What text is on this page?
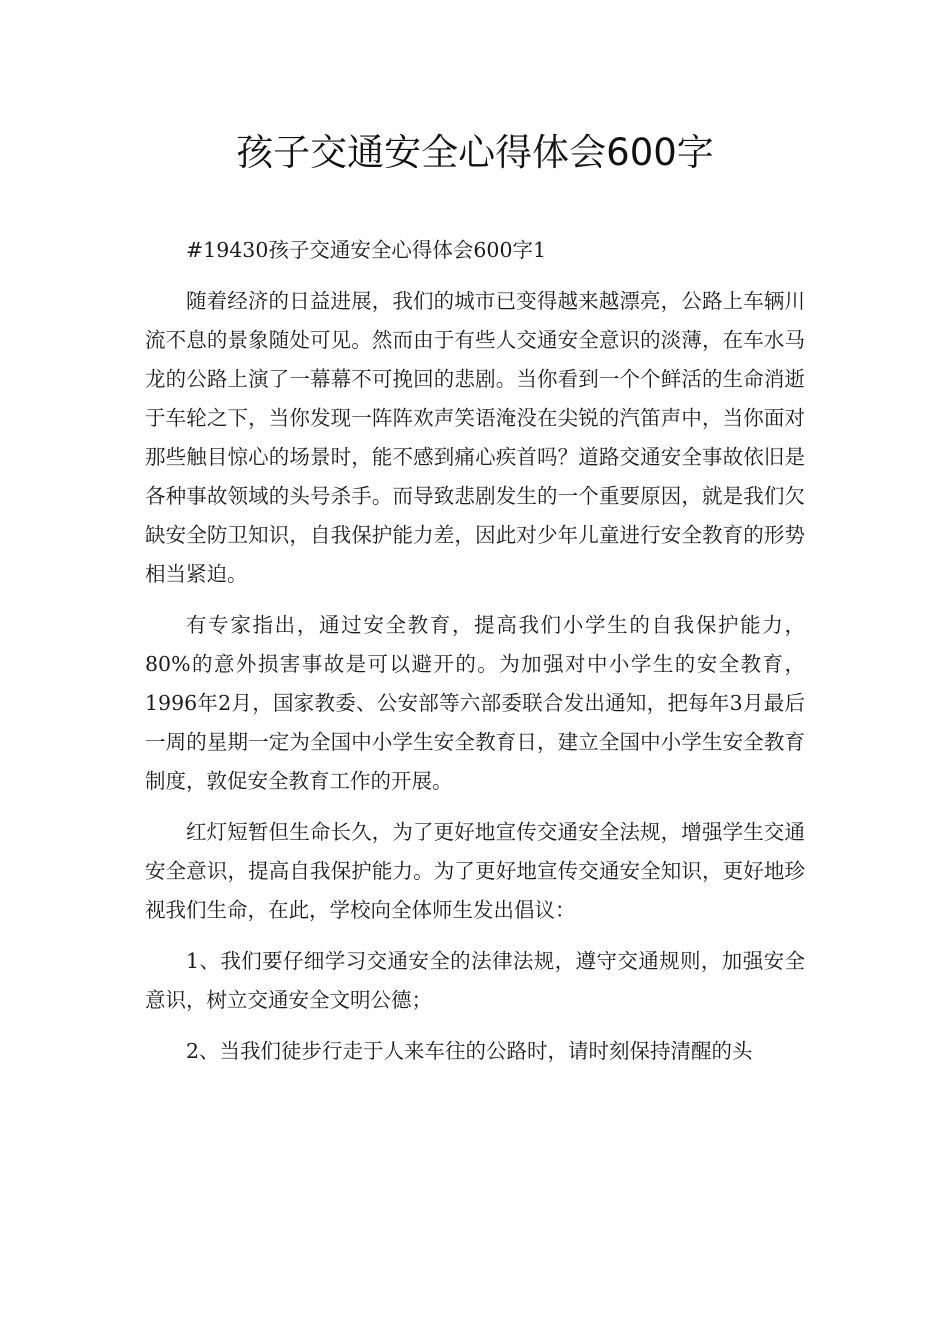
孩子交通安全心得体会600字

#19430孩子交通安全心得体会600字1

随着经济的日益进展，我们的城市已变得越来越漂亮，公路上车辆川流不息的景象随处可见。然而由于有些人交通安全意识的淡薄，在车水马龙的公路上演了一幕幕不可挽回的悲剧。当你看到一个个鲜活的生命消逝于车轮之下，当你发现一阵阵欢声笑语淹没在尖锐的汽笛声中，当你面对那些触目惊心的场景时，能不感到痛心疾首吗？道路交通安全事故依旧是各种事故领域的头号杀手。而导致悲剧发生的一个重要原因，就是我们欠缺安全防卫知识，自我保护能力差，因此对少年儿童进行安全教育的形势相当紧迫。

有专家指出，通过安全教育，提高我们小学生的自我保护能力，80%的意外损害事故是可以避开的。为加强对中小学生的安全教育，1996年2月，国家教委、公安部等六部委联合发出通知，把每年3月最后一周的星期一定为全国中小学生安全教育日，建立全国中小学生安全教育制度，敦促安全教育工作的开展。

红灯短暂但生命长久，为了更好地宣传交通安全法规，增强学生交通安全意识，提高自我保护能力。为了更好地宣传交通安全知识，更好地珍视我们生命，在此，学校向全体师生发出倡议：

1、我们要仔细学习交通安全的法律法规，遵守交通规则，加强安全意识，树立交通安全文明公德；

2、当我们徒步行走于人来车往的公路时，请时刻保持清醒的头
